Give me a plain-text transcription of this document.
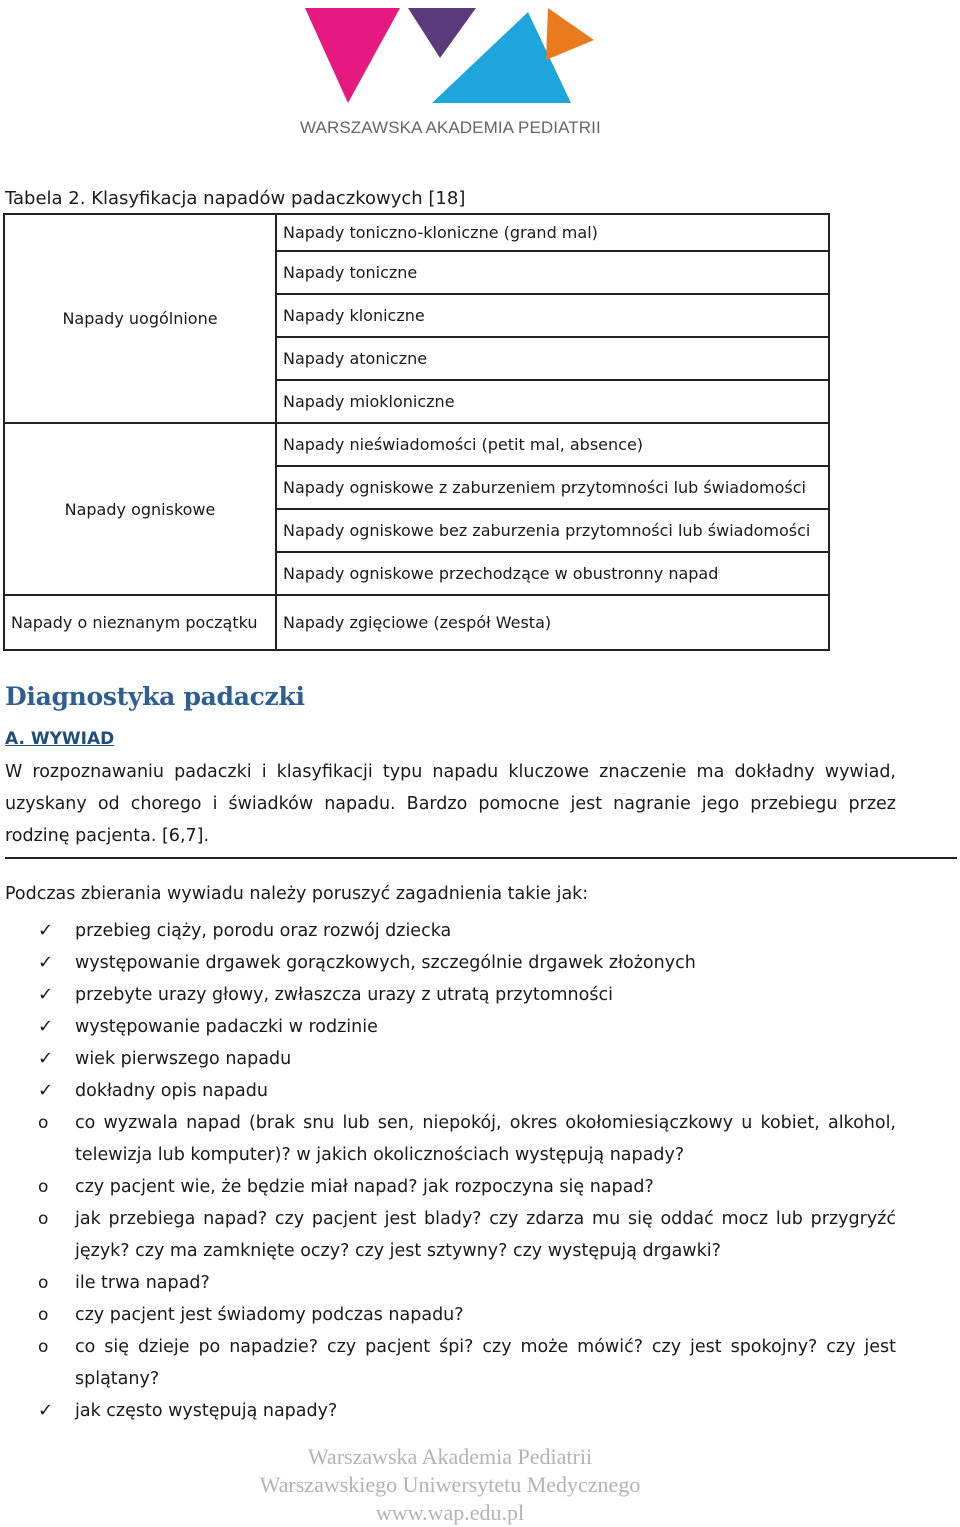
WARSZAWSKA AKADEMIA PEDIATRII
Tabela 2. Klasyfikacja napadów padaczkowych [18]
Napady uogólnione	Napady toniczno-kloniczne (grand mal)
	Napady toniczne
	Napady kloniczne
	Napady atoniczne
	Napady miokloniczne
Napady ogniskowe	Napady nieświadomości (petit mal, absence)
	Napady ogniskowe z zaburzeniem przytomności lub świadomości
	Napady ogniskowe bez zaburzenia przytomności lub świadomości
	Napady ogniskowe przechodzące w obustronny napad
Napady o nieznanym początku	Napady zgięciowe (zespół Westa)
Diagnostyka padaczki
A. WYWIAD
W rozpoznawaniu padaczki i klasyfikacji typu napadu kluczowe znaczenie ma dokładny wywiad, uzyskany od chorego i świadków napadu. Bardzo pomocne jest nagranie jego przebiegu przez rodzinę pacjenta. [6,7].
Podczas zbierania wywiadu należy poruszyć zagadnienia takie jak:
✓	przebieg ciąży, porodu oraz rozwój dziecka
✓	występowanie drgawek gorączkowych, szczególnie drgawek złożonych
✓	przebyte urazy głowy, zwłaszcza urazy z utratą przytomności
✓	występowanie padaczki w rodzinie
✓	wiek pierwszego napadu
✓	dokładny opis napadu
o	co wyzwala napad (brak snu lub sen, niepokój, okres okołomiesiączkowy u kobiet, alkohol, telewizja lub komputer)? w jakich okolicznościach występują napady?
o	czy pacjent wie, że będzie miał napad? jak rozpoczyna się napad?
o	jak przebiega napad? czy pacjent jest blady? czy zdarza mu się oddać mocz lub przygryźć język? czy ma zamknięte oczy? czy jest sztywny? czy występują drgawki?
o	ile trwa napad?
o	czy pacjent jest świadomy podczas napadu?
o	co się dzieje po napadzie? czy pacjent śpi? czy może mówić? czy jest spokojny? czy jest splątany?
✓	jak często występują napady?
Warszawska Akademia Pediatrii
Warszawskiego Uniwersytetu Medycznego
www.wap.edu.pl
